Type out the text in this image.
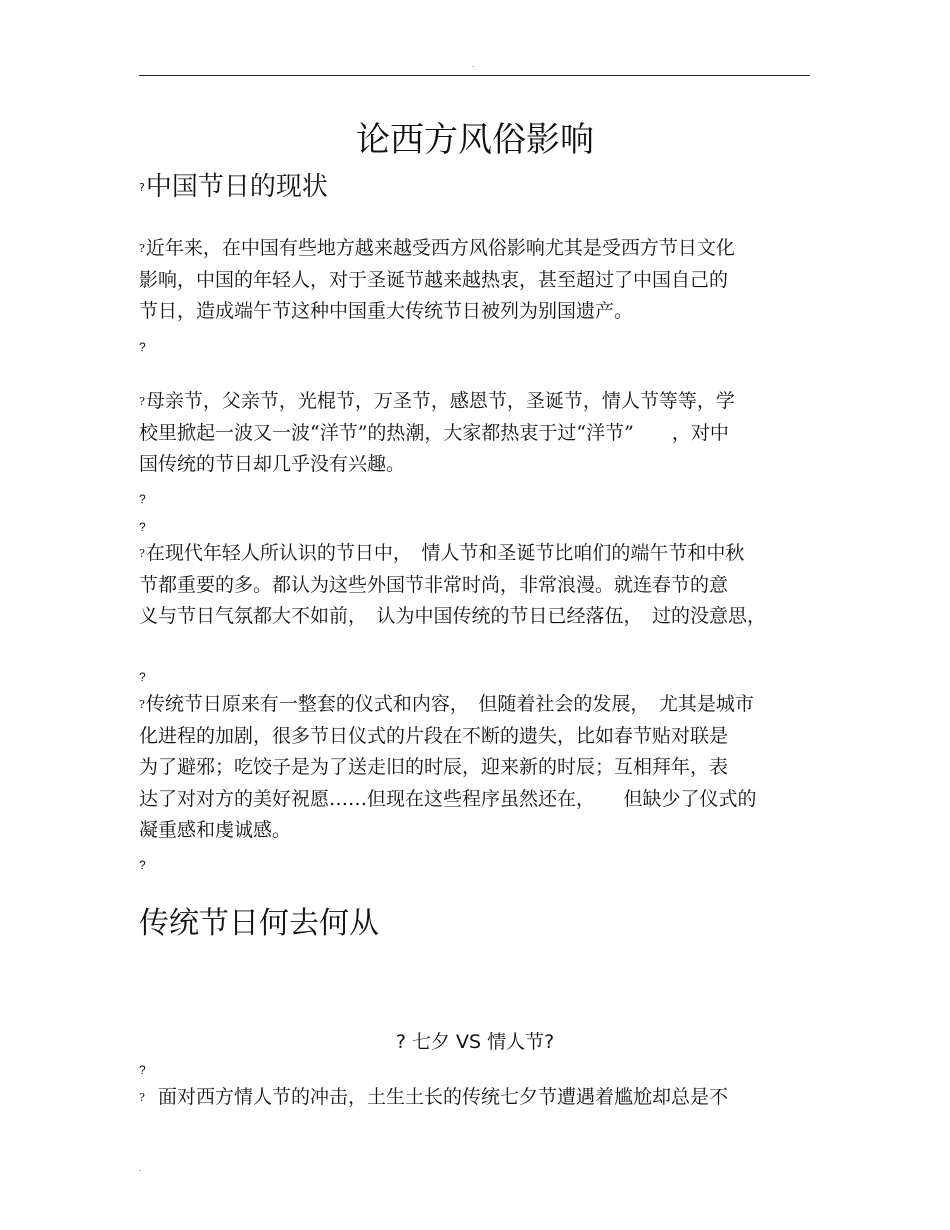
.
论西方风俗影响
?中国节日的现状

?近年来，在中国有些地方越来越受西方风俗影响尤其是受西方节日文化
影响，中国的年轻人，对于圣诞节越来越热衷，甚至超过了中国自己的
节日，造成端午节这种中国重大传统节日被列为别国遗产。

?

?母亲节，父亲节，光棍节，万圣节，感恩节，圣诞节，情人节等等，学
校里掀起一波又一波“洋节”的热潮，大家都热衷于过“洋节”　　，对中
国传统的节日却几乎没有兴趣。

?
?

?在现代年轻人所认识的节日中，　情人节和圣诞节比咱们的端午节和中秋
节都重要的多。都认为这些外国节非常时尚，非常浪漫。就连春节的意
义与节日气氛都大不如前，　认为中国传统的节日已经落伍，　过的没意思，

?

?传统节日原来有一整套的仪式和内容，　但随着社会的发展，　尤其是城市
化进程的加剧，很多节日仪式的片段在不断的遗失，比如春节贴对联是
为了避邪；吃饺子是为了送走旧的时辰，迎来新的时辰；互相拜年，表
达了对对方的美好祝愿……但现在这些程序虽然还在，　　但缺少了仪式的
凝重感和虔诚感。

?
传统节日何去何从
? 七夕 VS 情人节?
?

?  面对西方情人节的冲击，土生土长的传统七夕节遭遇着尴尬却总是不

.
